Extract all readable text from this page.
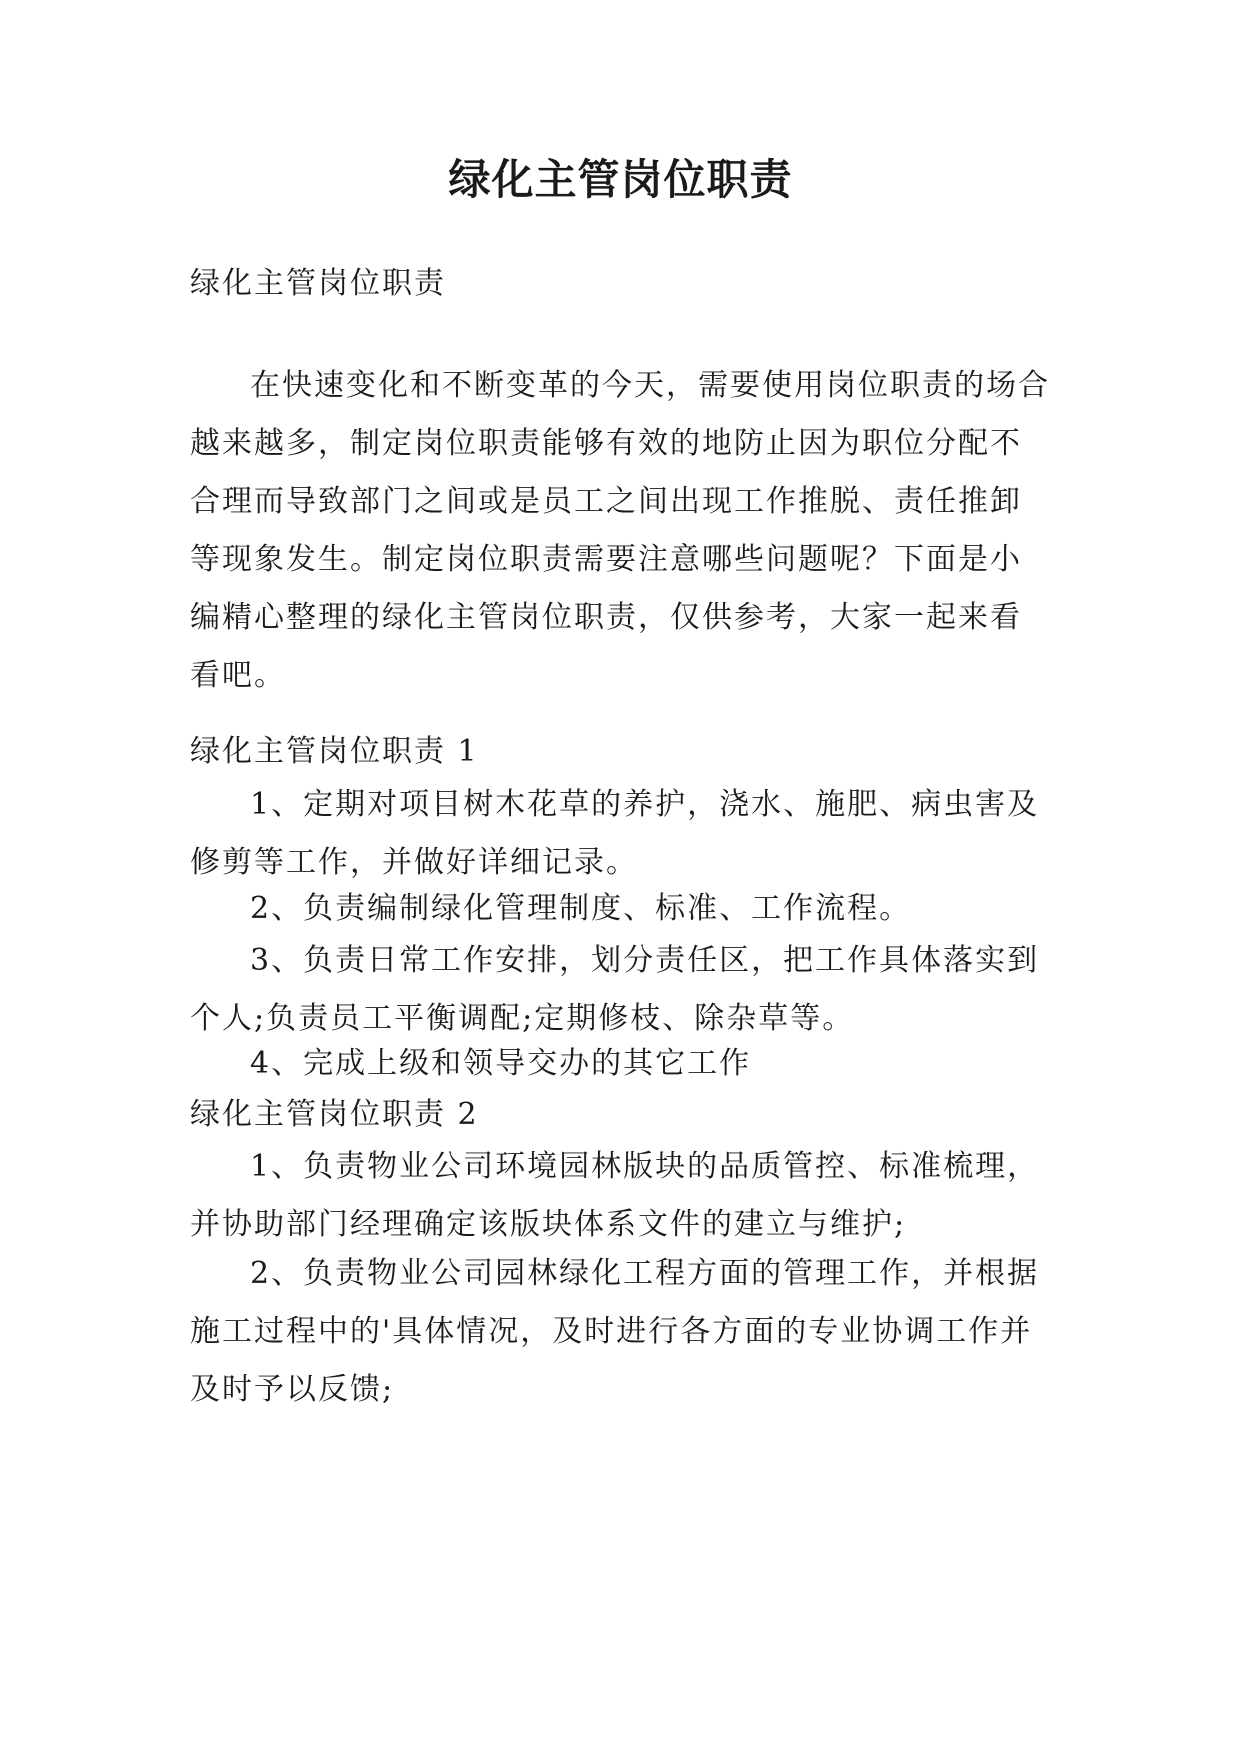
绿化主管岗位职责

绿化主管岗位职责

在快速变化和不断变革的今天，需要使用岗位职责的场合越来越多，制定岗位职责能够有效的地防止因为职位分配不合理而导致部门之间或是员工之间出现工作推脱、责任推卸等现象发生。制定岗位职责需要注意哪些问题呢？下面是小编精心整理的绿化主管岗位职责，仅供参考，大家一起来看看吧。

绿化主管岗位职责 1

1、定期对项目树木花草的养护，浇水、施肥、病虫害及修剪等工作，并做好详细记录。

2、负责编制绿化管理制度、标准、工作流程。

3、负责日常工作安排，划分责任区，把工作具体落实到个人;负责员工平衡调配;定期修枝、除杂草等。

4、完成上级和领导交办的其它工作

绿化主管岗位职责 2

1、负责物业公司环境园林版块的品质管控、标准梳理，并协助部门经理确定该版块体系文件的建立与维护;

2、负责物业公司园林绿化工程方面的管理工作，并根据施工过程中的'具体情况，及时进行各方面的专业协调工作并及时予以反馈;
